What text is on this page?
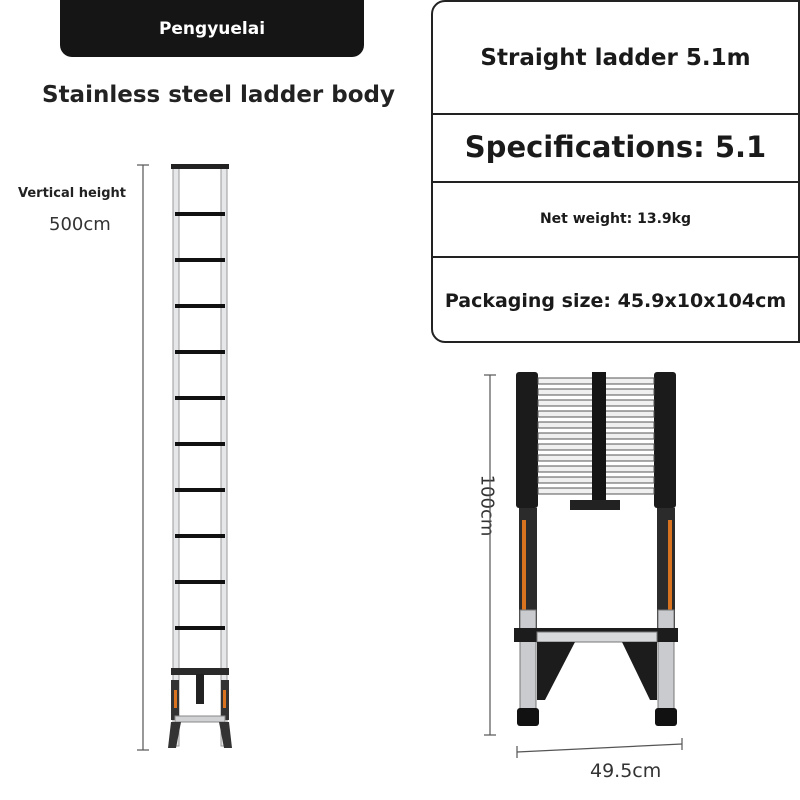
Pengyuelai
Stainless steel ladder body
Straight ladder 5.1m
Specifications: 5.1
Net weight: 13.9kg
Packaging size: 45.9x10x104cm
Vertical height
500cm
100cm
49.5cm
